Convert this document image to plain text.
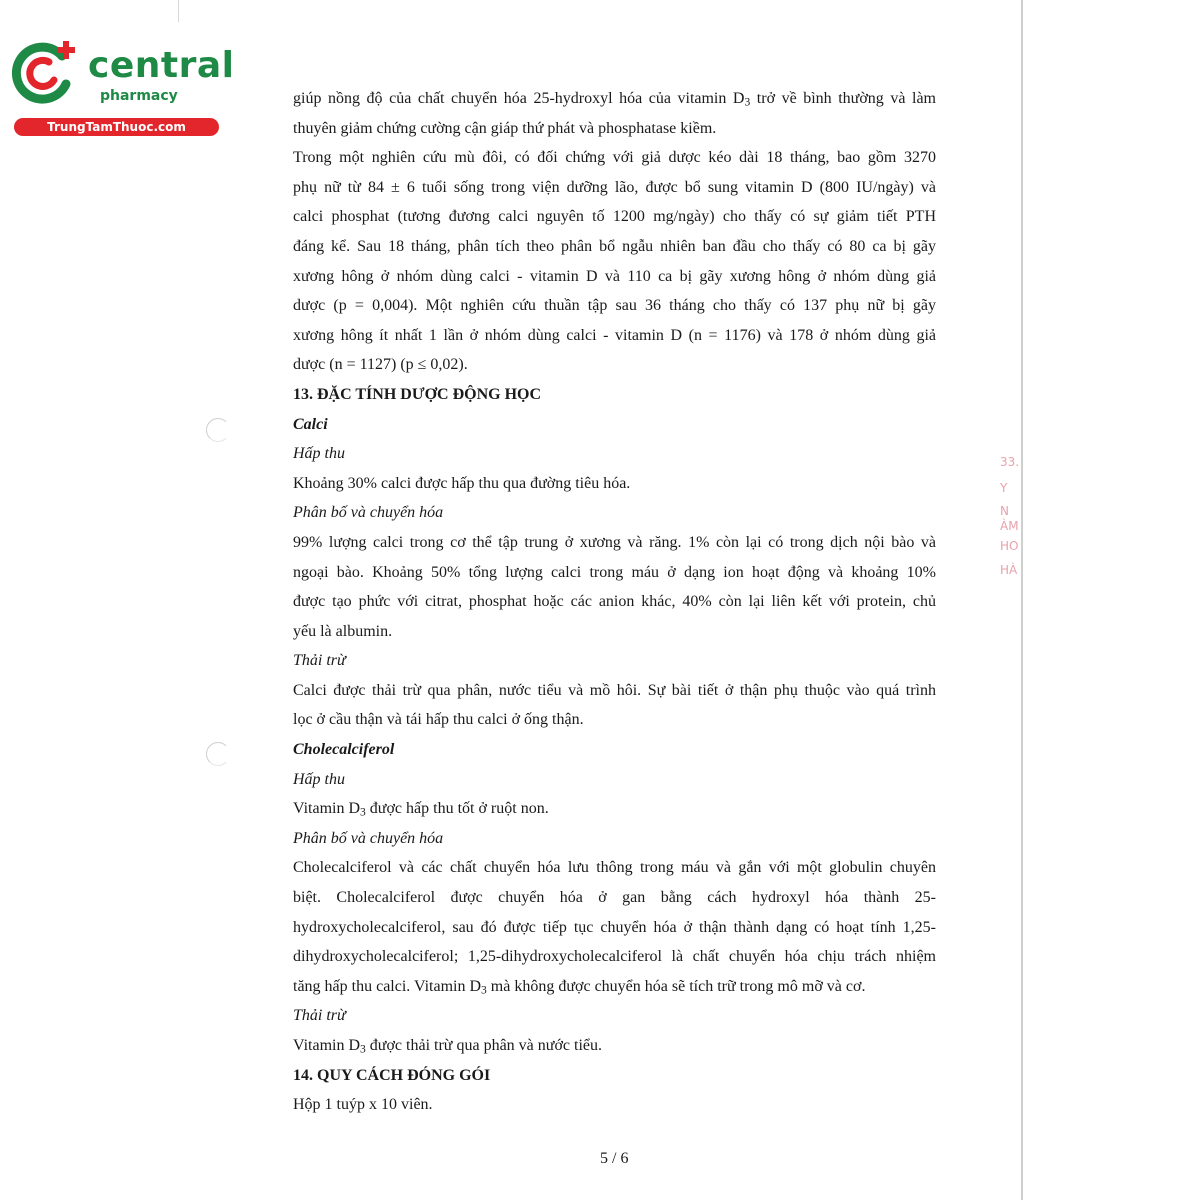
central
pharmacy
TrungTamThuoc.com
33.
Y
N
ÀM
HO
HÀ
giúp nồng độ của chất chuyển hóa 25-hydroxyl hóa của vitamin $D_3$ trở về bình thường và làm
thuyên giảm chứng cường cận giáp thứ phát và phosphatase kiềm.
Trong một nghiên cứu mù đôi, có đối chứng với giả dược kéo dài 18 tháng, bao gồm 3270
phụ nữ từ 84 ± 6 tuổi sống trong viện dưỡng lão, được bổ sung vitamin D (800 IU/ngày) và
calci phosphat (tương đương calci nguyên tố 1200 mg/ngày) cho thấy có sự giảm tiết PTH
đáng kể. Sau 18 tháng, phân tích theo phân bổ ngẫu nhiên ban đầu cho thấy có 80 ca bị gãy
xương hông ở nhóm dùng calci - vitamin D và 110 ca bị gãy xương hông ở nhóm dùng giả
dược (p = 0,004). Một nghiên cứu thuần tập sau 36 tháng cho thấy có 137 phụ nữ bị gãy
xương hông ít nhất 1 lần ở nhóm dùng calci - vitamin D (n = 1176) và 178 ở nhóm dùng giả
dược (n = 1127) (p ≤ 0,02).
13. ĐẶC TÍNH DƯỢC ĐỘNG HỌC
Calci
Hấp thu
Khoảng 30% calci được hấp thu qua đường tiêu hóa.
Phân bố và chuyển hóa
99% lượng calci trong cơ thể tập trung ở xương và răng. 1% còn lại có trong dịch nội bào và
ngoại bào. Khoảng 50% tổng lượng calci trong máu ở dạng ion hoạt động và khoảng 10%
được tạo phức với citrat, phosphat hoặc các anion khác, 40% còn lại liên kết với protein, chủ
yếu là albumin.
Thải trừ
Calci được thải trừ qua phân, nước tiểu và mồ hôi. Sự bài tiết ở thận phụ thuộc vào quá trình
lọc ở cầu thận và tái hấp thu calci ở ống thận.
Cholecalciferol
Hấp thu
Vitamin $D_3$ được hấp thu tốt ở ruột non.
Phân bố và chuyển hóa
Cholecalciferol và các chất chuyển hóa lưu thông trong máu và gắn với một globulin chuyên
biệt. Cholecalciferol được chuyển hóa ở gan bằng cách hydroxyl hóa thành 25-
hydroxycholecalciferol, sau đó được tiếp tục chuyển hóa ở thận thành dạng có hoạt tính 1,25-
dihydroxycholecalciferol; 1,25-dihydroxycholecalciferol là chất chuyển hóa chịu trách nhiệm
tăng hấp thu calci. Vitamin $D_3$ mà không được chuyển hóa sẽ tích trữ trong mô mỡ và cơ.
Thải trừ
Vitamin $D_3$ được thải trừ qua phân và nước tiểu.
14. QUY CÁCH ĐÓNG GÓI
Hộp 1 tuýp x 10 viên.
5 / 6
